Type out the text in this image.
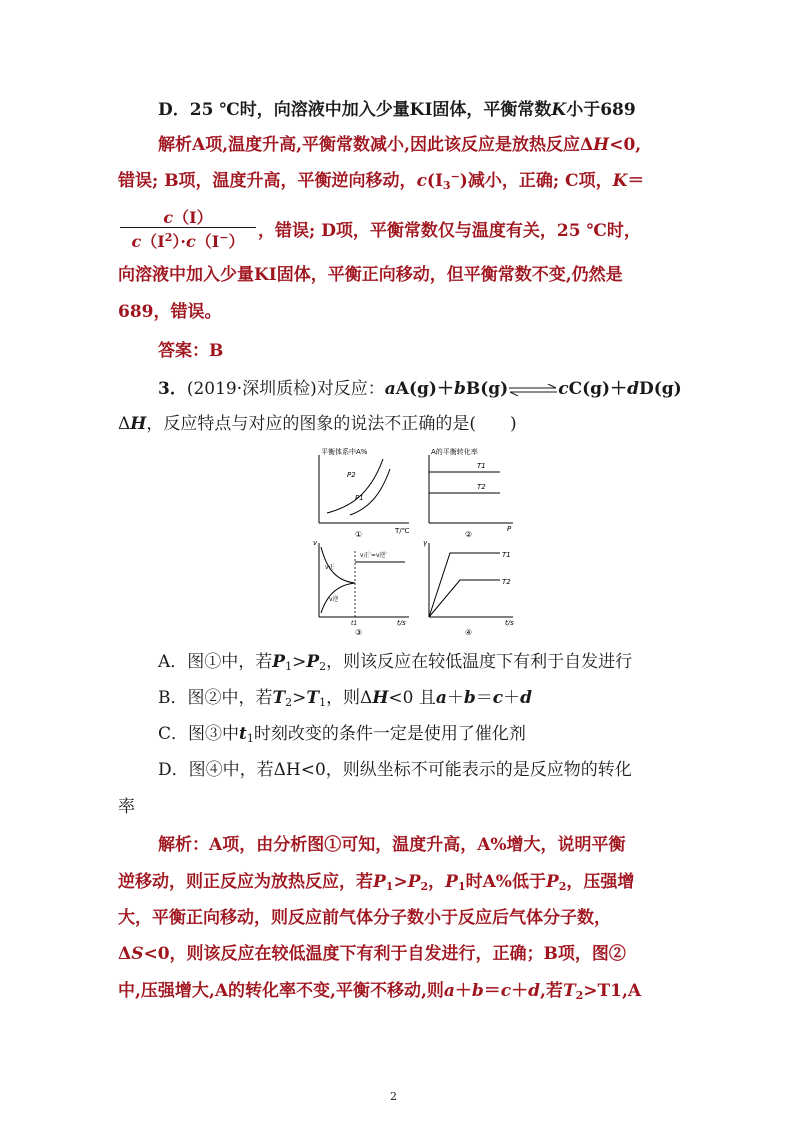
D．25 ℃时，向溶液中加入少量KI固体，平衡常数K小于689
解析A项,温度升高,平衡常数减小,因此该反应是放热反应ΔH<0,
错误; B项，温度升高，平衡逆向移动，$c(I_3^-)$减小，正确; C项，K＝
c（I）
$c(I^2)\cdot c(I^-)$
，错误; D项，平衡常数仅与温度有关，25 ℃时，
向溶液中加入少量KI固体，平衡正向移动，但平衡常数不变,仍然是
689，错误。
答案：B
3．(2019·深圳质检)对反应：aA(g)＋bB(g)⇌cC(g)＋dD(g)
ΔH，反应特点与对应的图象的说法不正确的是(　　)
平衡体系中A%
P2
P1
T/℃
①
A的平衡转化率
T1
T2
P
②
v
v正
v逆
v正′=v逆′
t1	t/s
③
γ
T1
T2
t/s
④
A．图①中，若$P_1>P_2$，则该反应在较低温度下有利于自发进行
B．图②中，若$T_2>T_1$，则ΔH<0 且a＋b＝c＋d
C．图③中$t_1$时刻改变的条件一定是使用了催化剂
D．图④中，若ΔH<0，则纵坐标不可能表示的是反应物的转化
率
解析：A项，由分析图①可知，温度升高，A%增大，说明平衡
逆移动，则正反应为放热反应，若$P_1>P_2$，$P_1$时A%低于$P_2$，压强增
大，平衡正向移动，则反应前气体分子数小于反应后气体分子数，
ΔS<0，则该反应在较低温度下有利于自发进行，正确；B项，图②
中,压强增大,A的转化率不变,平衡不移动,则a＋b＝c＋d,若$T_2>T1,A$
2
